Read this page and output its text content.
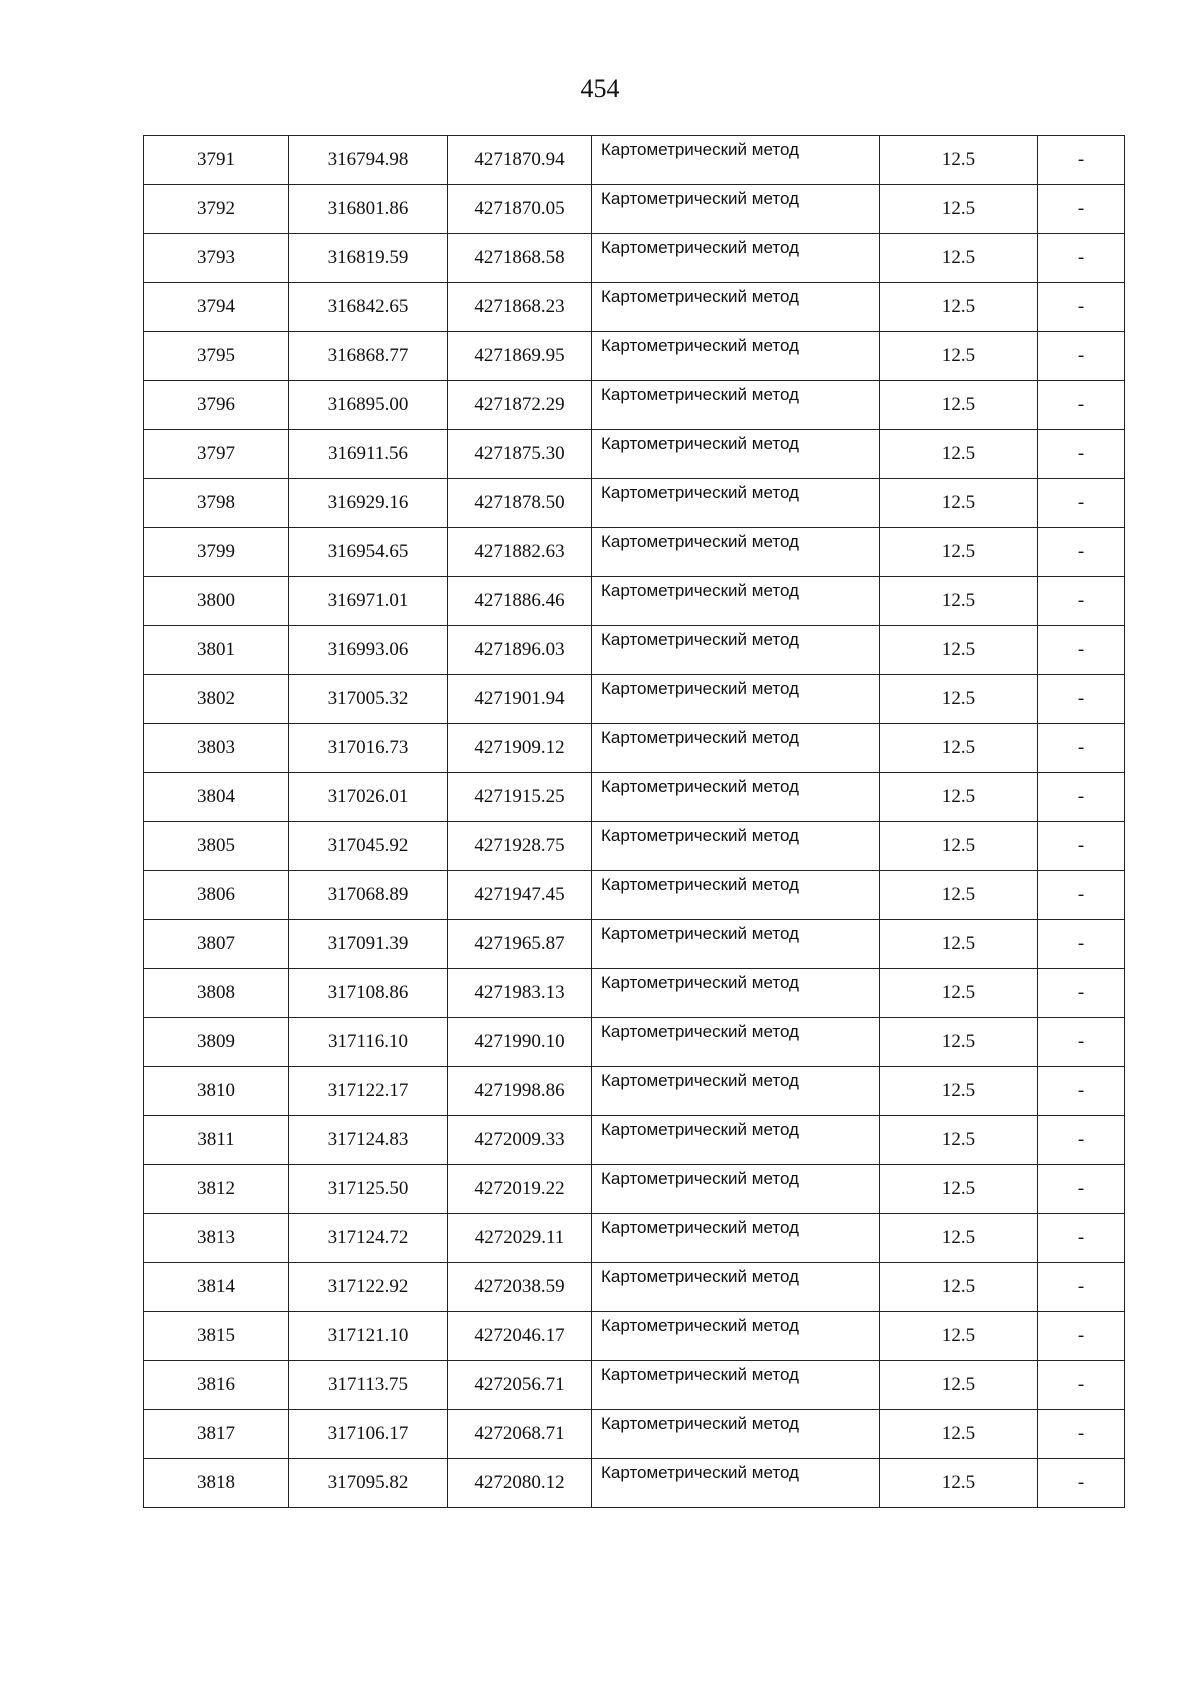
454
3791	316794.98	4271870.94	Картометрический метод	12.5	-
3792	316801.86	4271870.05	Картометрический метод	12.5	-
3793	316819.59	4271868.58	Картометрический метод	12.5	-
3794	316842.65	4271868.23	Картометрический метод	12.5	-
3795	316868.77	4271869.95	Картометрический метод	12.5	-
3796	316895.00	4271872.29	Картометрический метод	12.5	-
3797	316911.56	4271875.30	Картометрический метод	12.5	-
3798	316929.16	4271878.50	Картометрический метод	12.5	-
3799	316954.65	4271882.63	Картометрический метод	12.5	-
3800	316971.01	4271886.46	Картометрический метод	12.5	-
3801	316993.06	4271896.03	Картометрический метод	12.5	-
3802	317005.32	4271901.94	Картометрический метод	12.5	-
3803	317016.73	4271909.12	Картометрический метод	12.5	-
3804	317026.01	4271915.25	Картометрический метод	12.5	-
3805	317045.92	4271928.75	Картометрический метод	12.5	-
3806	317068.89	4271947.45	Картометрический метод	12.5	-
3807	317091.39	4271965.87	Картометрический метод	12.5	-
3808	317108.86	4271983.13	Картометрический метод	12.5	-
3809	317116.10	4271990.10	Картометрический метод	12.5	-
3810	317122.17	4271998.86	Картометрический метод	12.5	-
3811	317124.83	4272009.33	Картометрический метод	12.5	-
3812	317125.50	4272019.22	Картометрический метод	12.5	-
3813	317124.72	4272029.11	Картометрический метод	12.5	-
3814	317122.92	4272038.59	Картометрический метод	12.5	-
3815	317121.10	4272046.17	Картометрический метод	12.5	-
3816	317113.75	4272056.71	Картометрический метод	12.5	-
3817	317106.17	4272068.71	Картометрический метод	12.5	-
3818	317095.82	4272080.12	Картометрический метод	12.5	-
